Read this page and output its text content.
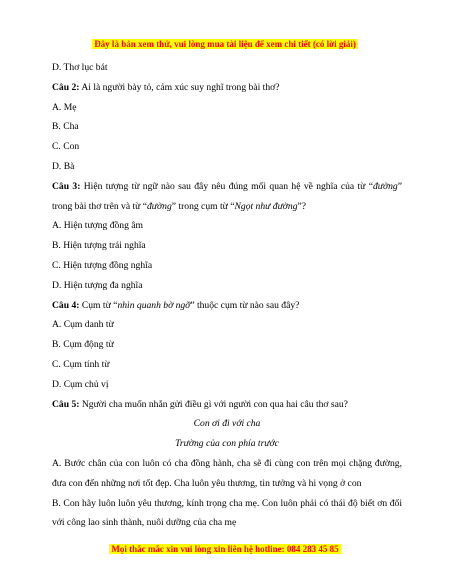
Đây là bản xem thử, vui lòng mua tài liệu để xem chi tiết (có lời giải)

D. Thơ lục bát

Câu 2: Ai là người bày tỏ, cảm xúc suy nghĩ trong bài thơ?

A. Mẹ

B. Cha

C. Con

D. Bà

Câu 3: Hiện tượng từ ngữ nào sau đây nêu đúng mối quan hệ về nghĩa của từ “đường” trong bài thơ trên và từ “đường” trong cụm từ “Ngọt như đường”?

A. Hiện tượng đồng âm

B. Hiện tượng trái nghĩa

C. Hiện tượng đồng nghĩa

D. Hiện tượng đa nghĩa

Câu 4: Cụm từ “nhìn quanh bờ ngỡ” thuộc cụm từ nào sau đây?

A. Cụm danh từ

B. Cụm động từ

C. Cụm tính từ

D. Cụm chủ vị

Câu 5: Người cha muốn nhắn gửi điều gì với người con qua hai câu thơ sau?

Con ơi đi với cha

Trường của con phía trước

A. Bước chân của con luôn có cha đồng hành, cha sẽ đi cùng con trên mọi chặng đường, đưa con đến những nơi tốt đẹp. Cha luôn yêu thương, tin tưởng và hi vọng ở con

B. Con hãy luôn luôn yêu thương, kính trọng cha mẹ. Con luôn phải có thái độ biết ơn đối với công lao sinh thành, nuôi dưỡng của cha mẹ

Mọi thắc mắc xin vui lòng xin liên hệ hotline: 084 283 45 85
